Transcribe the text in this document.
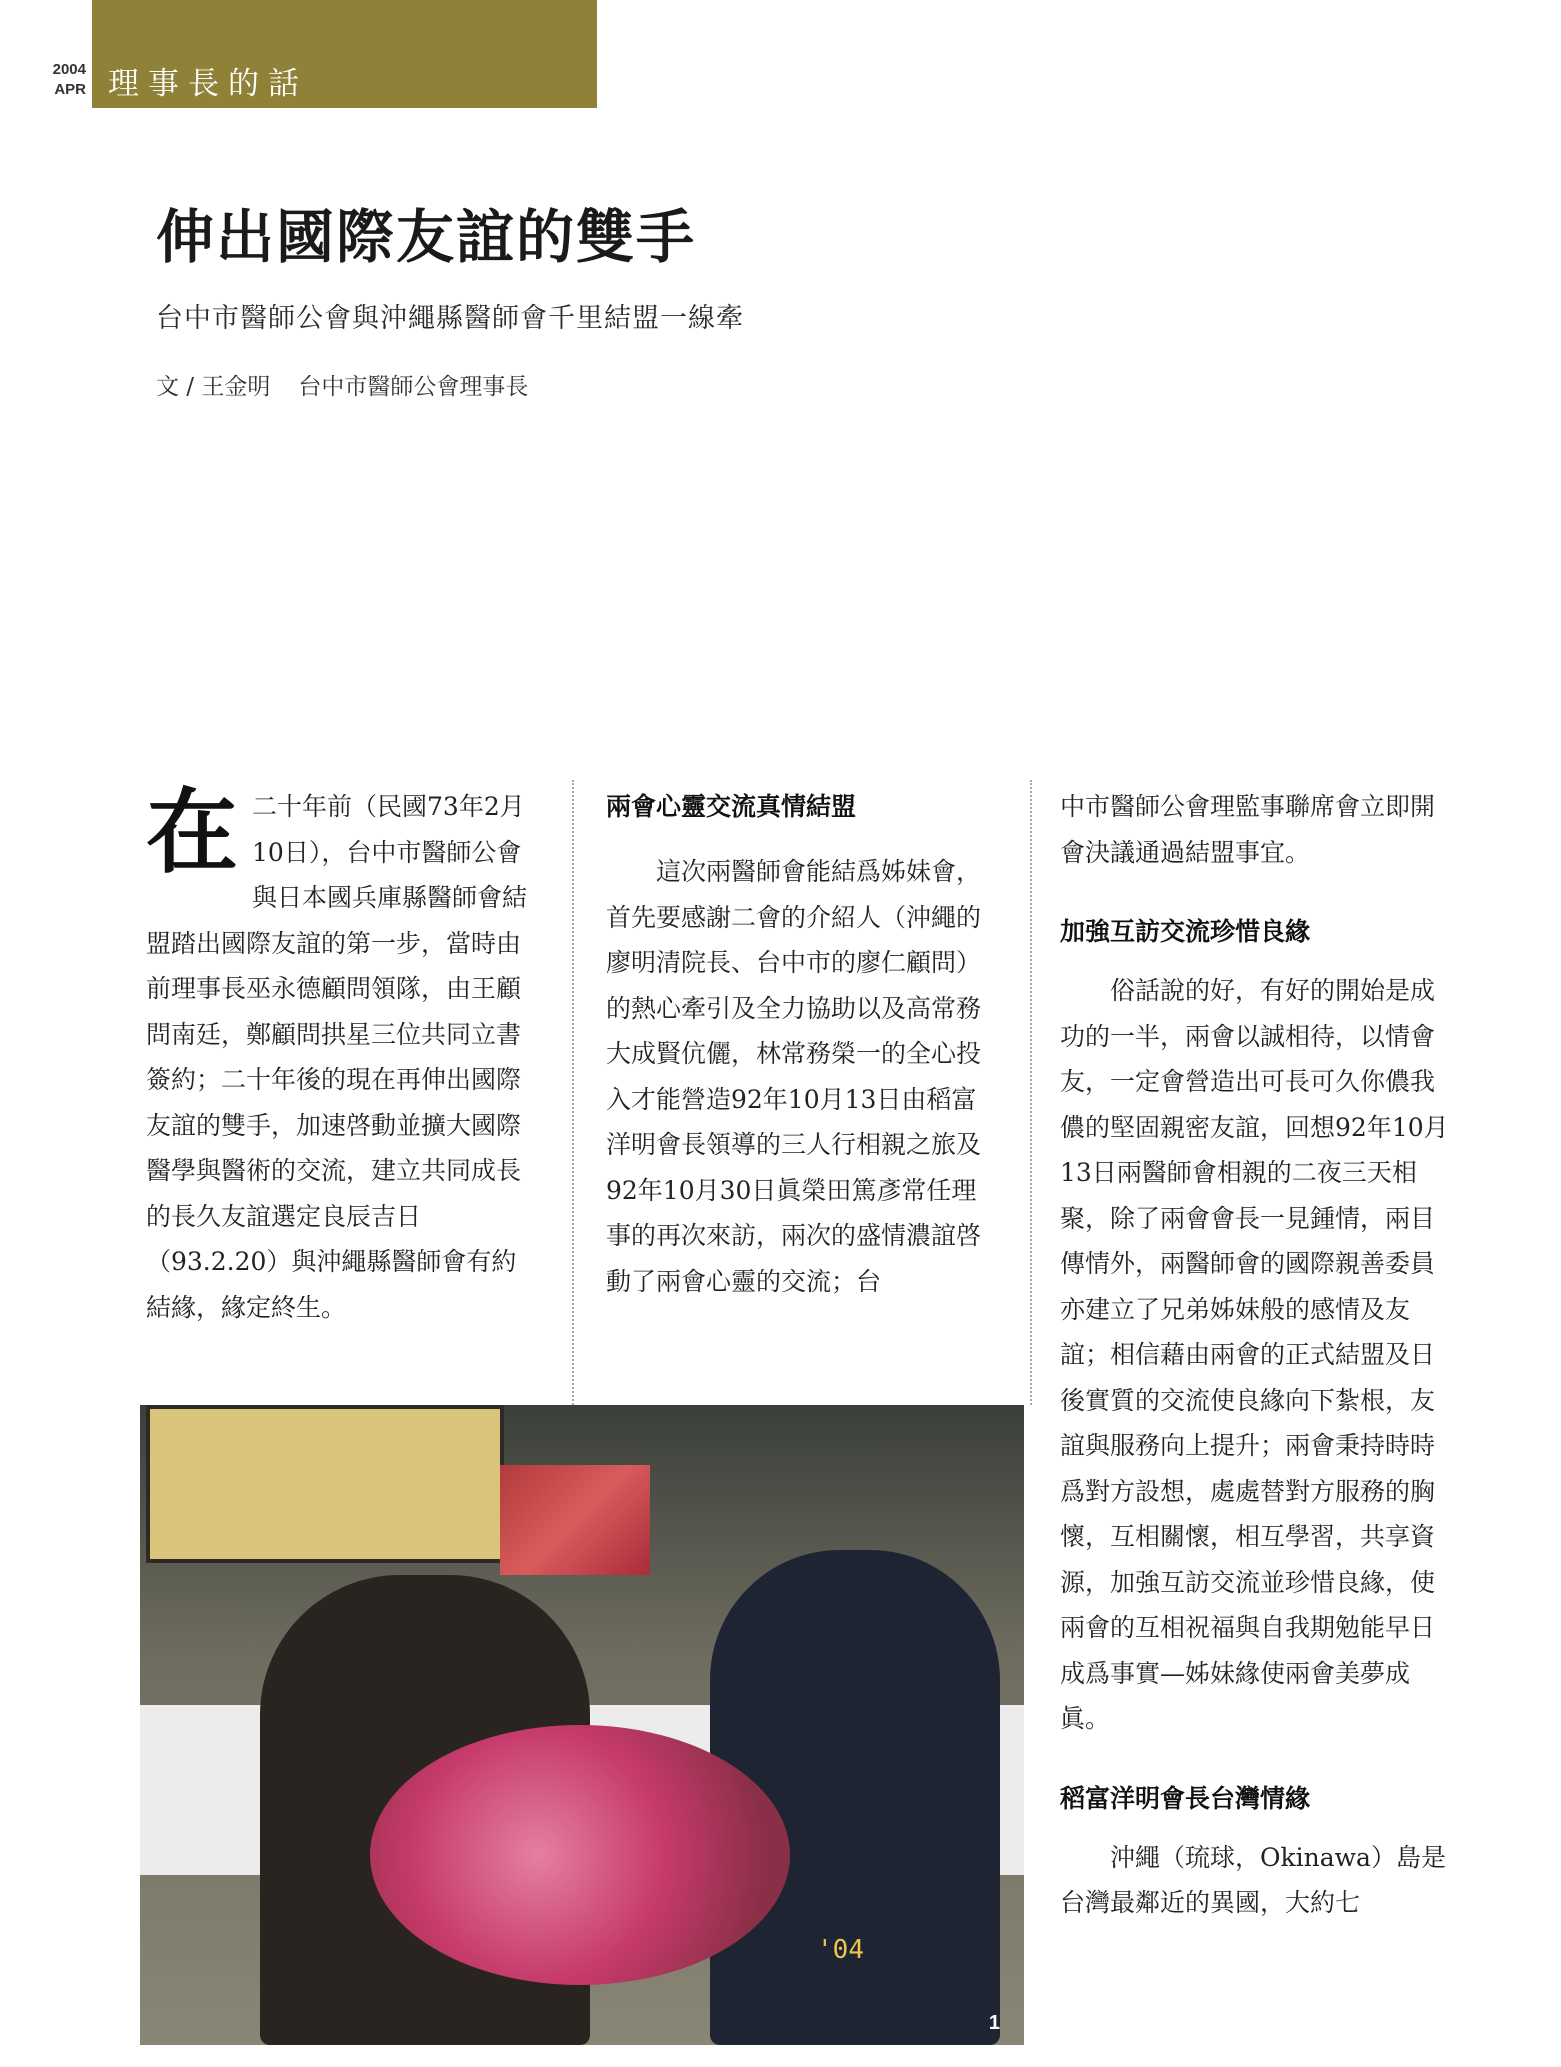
2004
APR 理事長的話
伸出國際友誼的雙手
台中市醫師公會與沖繩縣醫師會千里結盟一線牽
文 / 王金明 台中市醫師公會理事長
在 二十年前（民國73年2月10日），台中市醫師公會與日本國兵庫縣醫師會結盟踏出國際友誼的第一步，當時由前理事長巫永德顧問領隊，由王顧問南廷，鄭顧問拱星三位共同立書簽約；二十年後的現在再伸出國際友誼的雙手，加速啓動並擴大國際醫學與醫術的交流，建立共同成長的長久友誼選定良辰吉日（93.2.20）與沖繩縣醫師會有約結緣，緣定終生。

兩會心靈交流真情結盟

這次兩醫師會能結爲姊妹會，首先要感謝二會的介紹人（沖繩的廖明清院長、台中市的廖仁顧問）的熱心牽引及全力協助以及高常務大成賢伉儷，林常務榮一的全心投入才能營造92年10月13日由稻富洋明會長領導的三人行相親之旅及92年10月30日眞榮田篤彥常任理事的再次來訪，兩次的盛情濃誼啓動了兩會心靈的交流；台

中市醫師公會理監事聯席會立即開會決議通過結盟事宜。

加強互訪交流珍惜良緣

俗話說的好，有好的開始是成功的一半，兩會以誠相待，以情會友，一定會營造出可長可久你儂我儂的堅固親密友誼，回想92年10月13日兩醫師會相親的二夜三天相聚，除了兩會會長一見鍾情，兩目傳情外，兩醫師會的國際親善委員亦建立了兄弟姊妹般的感情及友誼；相信藉由兩會的正式結盟及日後實質的交流使良緣向下紮根，友誼與服務向上提升；兩會秉持時時爲對方設想，處處替對方服務的胸懷，互相關懷，相互學習，共享資源，加強互訪交流並珍惜良緣，使兩會的互相祝福與自我期勉能早日成爲事實—姊妹緣使兩會美夢成眞。

稻富洋明會長台灣情緣

沖繩（琉球，Okinawa）島是台灣最鄰近的異國，大約七

'04
1
